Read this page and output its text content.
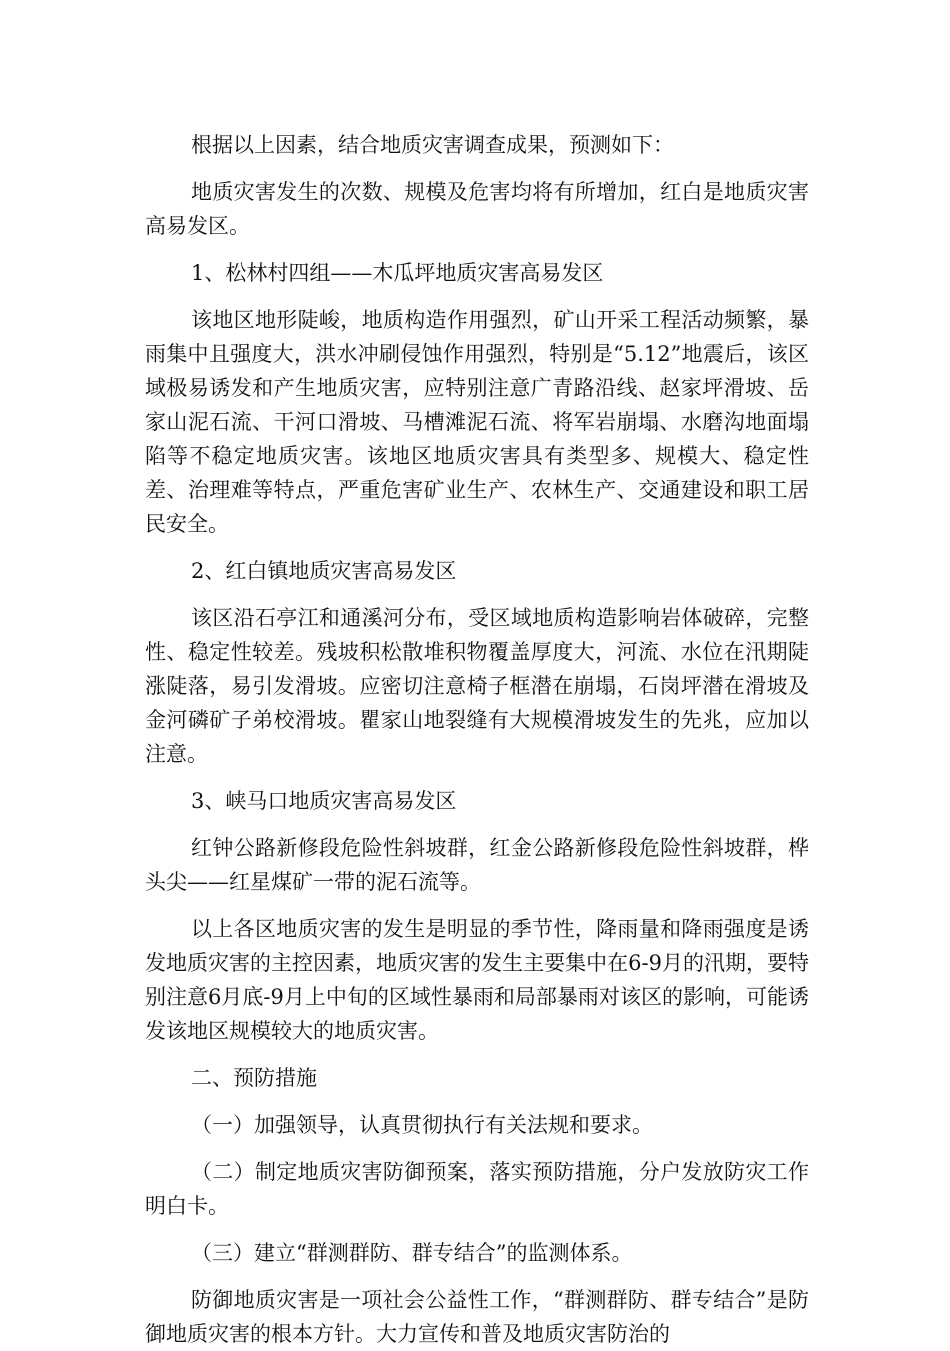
根据以上因素，结合地质灾害调查成果，预测如下：

地质灾害发生的次数、规模及危害均将有所增加，红白是地质灾害高易发区。

1、松林村四组——木瓜坪地质灾害高易发区

该地区地形陡峻，地质构造作用强烈，矿山开采工程活动频繁，暴雨集中且强度大，洪水冲刷侵蚀作用强烈，特别是“5.12”地震后，该区域极易诱发和产生地质灾害，应特别注意广青路沿线、赵家坪滑坡、岳家山泥石流、干河口滑坡、马槽滩泥石流、将军岩崩塌、水磨沟地面塌陷等不稳定地质灾害。该地区地质灾害具有类型多、规模大、稳定性差、治理难等特点，严重危害矿业生产、农林生产、交通建设和职工居民安全。

2、红白镇地质灾害高易发区

该区沿石亭江和通溪河分布，受区域地质构造影响岩体破碎，完整性、稳定性较差。残坡积松散堆积物覆盖厚度大，河流、水位在汛期陡涨陡落，易引发滑坡。应密切注意椅子框潜在崩塌，石岗坪潜在滑坡及金河磷矿子弟校滑坡。瞿家山地裂缝有大规模滑坡发生的先兆，应加以注意。

3、峡马口地质灾害高易发区

红钟公路新修段危险性斜坡群，红金公路新修段危险性斜坡群，桦头尖——红星煤矿一带的泥石流等。

以上各区地质灾害的发生是明显的季节性，降雨量和降雨强度是诱发地质灾害的主控因素，地质灾害的发生主要集中在6-9月的汛期，要特别注意6月底-9月上中旬的区域性暴雨和局部暴雨对该区的影响，可能诱发该地区规模较大的地质灾害。

二、预防措施

（一）加强领导，认真贯彻执行有关法规和要求。

（二）制定地质灾害防御预案，落实预防措施，分户发放防灾工作明白卡。

（三）建立“群测群防、群专结合”的监测体系。

防御地质灾害是一项社会公益性工作，“群测群防、群专结合”是防御地质灾害的根本方针。大力宣传和普及地质灾害防治的
